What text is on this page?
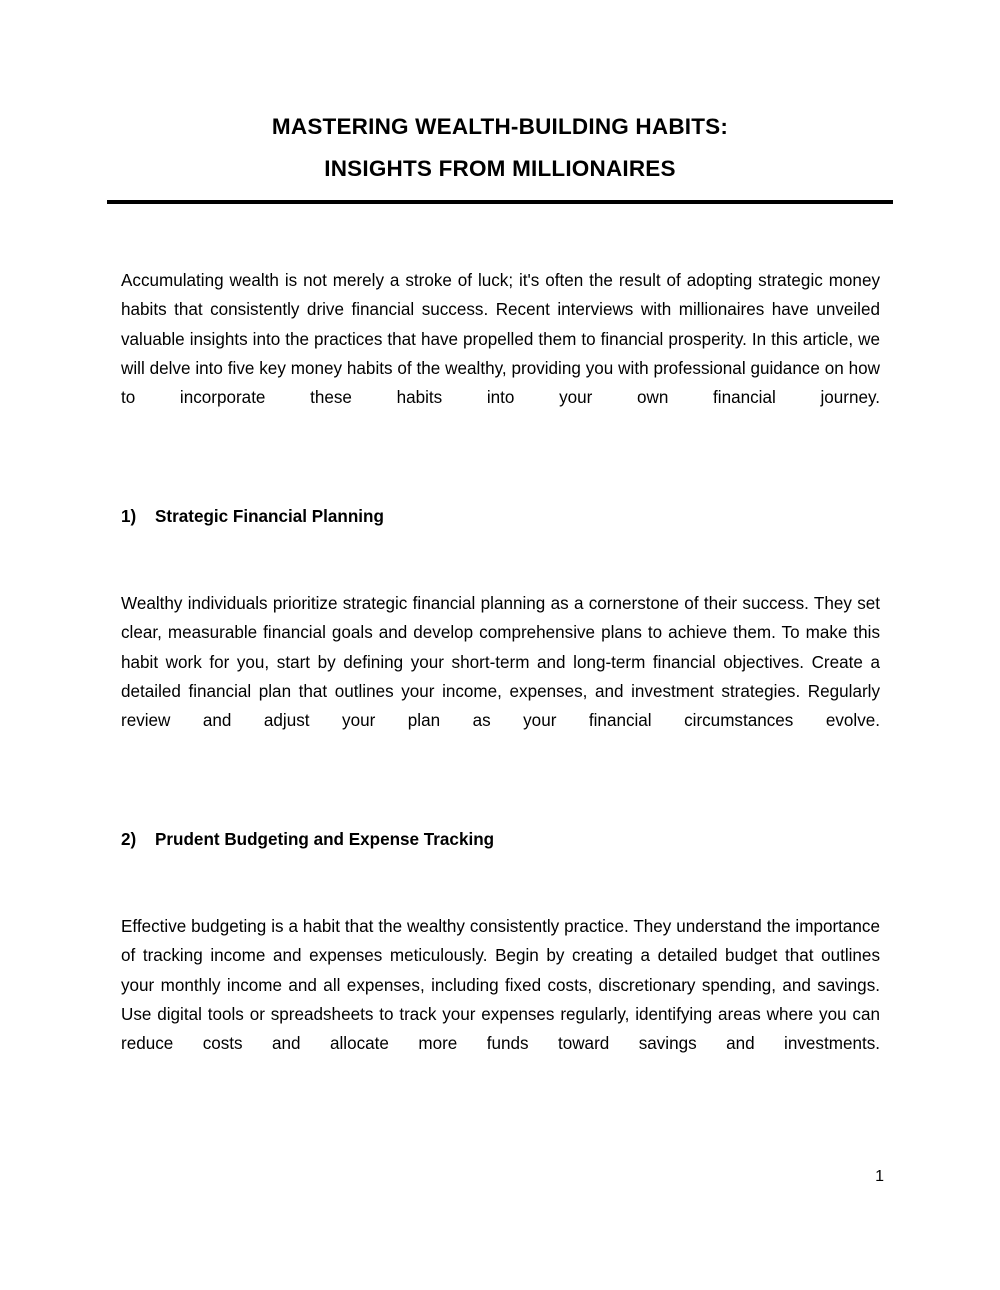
MASTERING WEALTH-BUILDING HABITS:
INSIGHTS FROM MILLIONAIRES

Accumulating wealth is not merely a stroke of luck; it's often the result of adopting strategic money habits that consistently drive financial success. Recent interviews with millionaires have unveiled valuable insights into the practices that have propelled them to financial prosperity. In this article, we will delve into five key money habits of the wealthy, providing you with professional guidance on how to incorporate these habits into your own financial journey.

1) Strategic Financial Planning

Wealthy individuals prioritize strategic financial planning as a cornerstone of their success. They set clear, measurable financial goals and develop comprehensive plans to achieve them. To make this habit work for you, start by defining your short-term and long-term financial objectives. Create a detailed financial plan that outlines your income, expenses, and investment strategies. Regularly review and adjust your plan as your financial circumstances evolve.

2) Prudent Budgeting and Expense Tracking

Effective budgeting is a habit that the wealthy consistently practice. They understand the importance of tracking income and expenses meticulously. Begin by creating a detailed budget that outlines your monthly income and all expenses, including fixed costs, discretionary spending, and savings. Use digital tools or spreadsheets to track your expenses regularly, identifying areas where you can reduce costs and allocate more funds toward savings and investments.

1
